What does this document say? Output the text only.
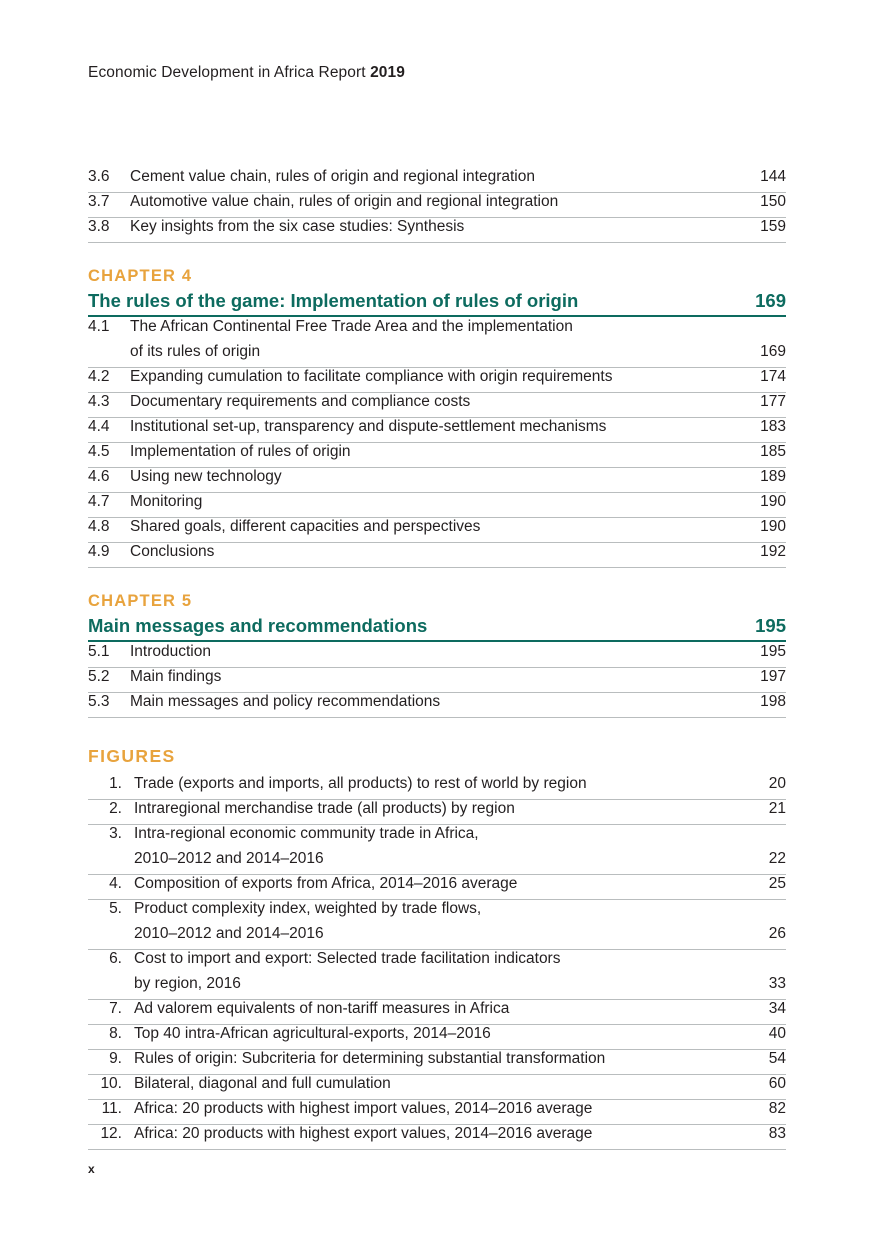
Economic Development in Africa Report 2019
3.6	Cement value chain, rules of origin and regional integration	144
3.7	Automotive value chain, rules of origin and regional integration	150
3.8	Key insights from the six case studies: Synthesis	159
CHAPTER 4
The rules of the game: Implementation of rules of origin	169
4.1	The African Continental Free Trade Area and the implementation
of its rules of origin	169
4.2	Expanding cumulation to facilitate compliance with origin requirements	174
4.3	Documentary requirements and compliance costs	177
4.4	Institutional set-up, transparency and dispute-settlement mechanisms	183
4.5	Implementation of rules of origin	185
4.6	Using new technology	189
4.7	Monitoring	190
4.8	Shared goals, different capacities and perspectives	190
4.9	Conclusions	192
CHAPTER 5
Main messages and recommendations	195
5.1	Introduction	195
5.2	Main findings	197
5.3	Main messages and policy recommendations	198
FIGURES
1. Trade (exports and imports, all products) to rest of world by region	20
2. Intraregional merchandise trade (all products) by region	21
3. Intra-regional economic community trade in Africa,
2010–2012 and 2014–2016	22
4. Composition of exports from Africa, 2014–2016 average	25
5. Product complexity index, weighted by trade flows,
2010–2012 and 2014–2016	26
6. Cost to import and export: Selected trade facilitation indicators
by region, 2016	33
7. Ad valorem equivalents of non-tariff measures in Africa	34
8. Top 40 intra-African agricultural-exports, 2014–2016	40
9. Rules of origin: Subcriteria for determining substantial transformation	54
10. Bilateral, diagonal and full cumulation	60
11. Africa: 20 products with highest import values, 2014–2016 average	82
12. Africa: 20 products with highest export values, 2014–2016 average	83
x
